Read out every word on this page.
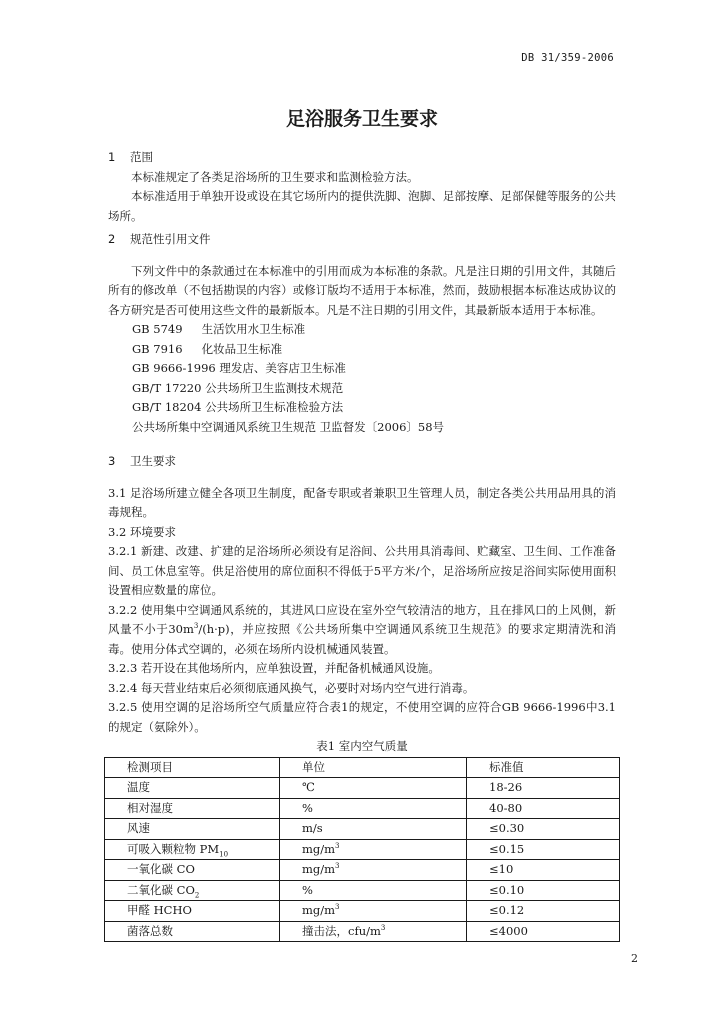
DB 31/359-2006
足浴服务卫生要求
1 范围

本标准规定了各类足浴场所的卫生要求和监测检验方法。

本标准适用于单独开设或设在其它场所内的提供洗脚、泡脚、足部按摩、足部保健等服务的公共场所。

2 规范性引用文件

下列文件中的条款通过在本标准中的引用而成为本标准的条款。凡是注日期的引用文件，其随后所有的修改单（不包括勘误的内容）或修订版均不适用于本标准，然而，鼓励根据本标准达成协议的各方研究是否可使用这些文件的最新版本。凡是不注日期的引用文件，其最新版本适用于本标准。

GB 5749 生活饮用水卫生标准
GB 7916 化妆品卫生标准
GB 9666-1996 理发店、美容店卫生标准
GB/T 17220 公共场所卫生监测技术规范
GB/T 18204 公共场所卫生标准检验方法
公共场所集中空调通风系统卫生规范 卫监督发〔2006〕58号
3 卫生要求

3.1 足浴场所建立健全各项卫生制度，配备专职或者兼职卫生管理人员，制定各类公共用品用具的消毒规程。

3.2 环境要求

3.2.1 新建、改建、扩建的足浴场所必须设有足浴间、公共用具消毒间、贮藏室、卫生间、工作准备间、员工休息室等。供足浴使用的席位面积不得低于5平方米/个，足浴场所应按足浴间实际使用面积设置相应数量的席位。

3.2.2 使用集中空调通风系统的，其进风口应设在室外空气较清洁的地方，且在排风口的上风侧，新风量不小于$30m^3/(h\cdot p)$，并应按照《公共场所集中空调通风系统卫生规范》的要求定期清洗和消毒。使用分体式空调的，必须在场所内设机械通风装置。

3.2.3 若开设在其他场所内，应单独设置，并配备机械通风设施。

3.2.4 每天营业结束后必须彻底通风换气，必要时对场内空气进行消毒。

3.2.5 使用空调的足浴场所空气质量应符合表1的规定，不使用空调的应符合GB 9666-1996中3.1的规定（氨除外）。

表1 室内空气质量
检测项目	单位	标准值
温度	℃	18-26
相对湿度	%	40-80
风速	m/s	≤0.30
可吸入颗粒物 $PM_{10}$	$mg/m^3$	≤0.15
一氧化碳 CO	$mg/m^3$	≤10
二氧化碳 $CO_2$	%	≤0.10
甲醛 HCHO	$mg/m^3$	≤0.12
菌落总数	撞击法，cfu/$m^3$	≤4000
2
